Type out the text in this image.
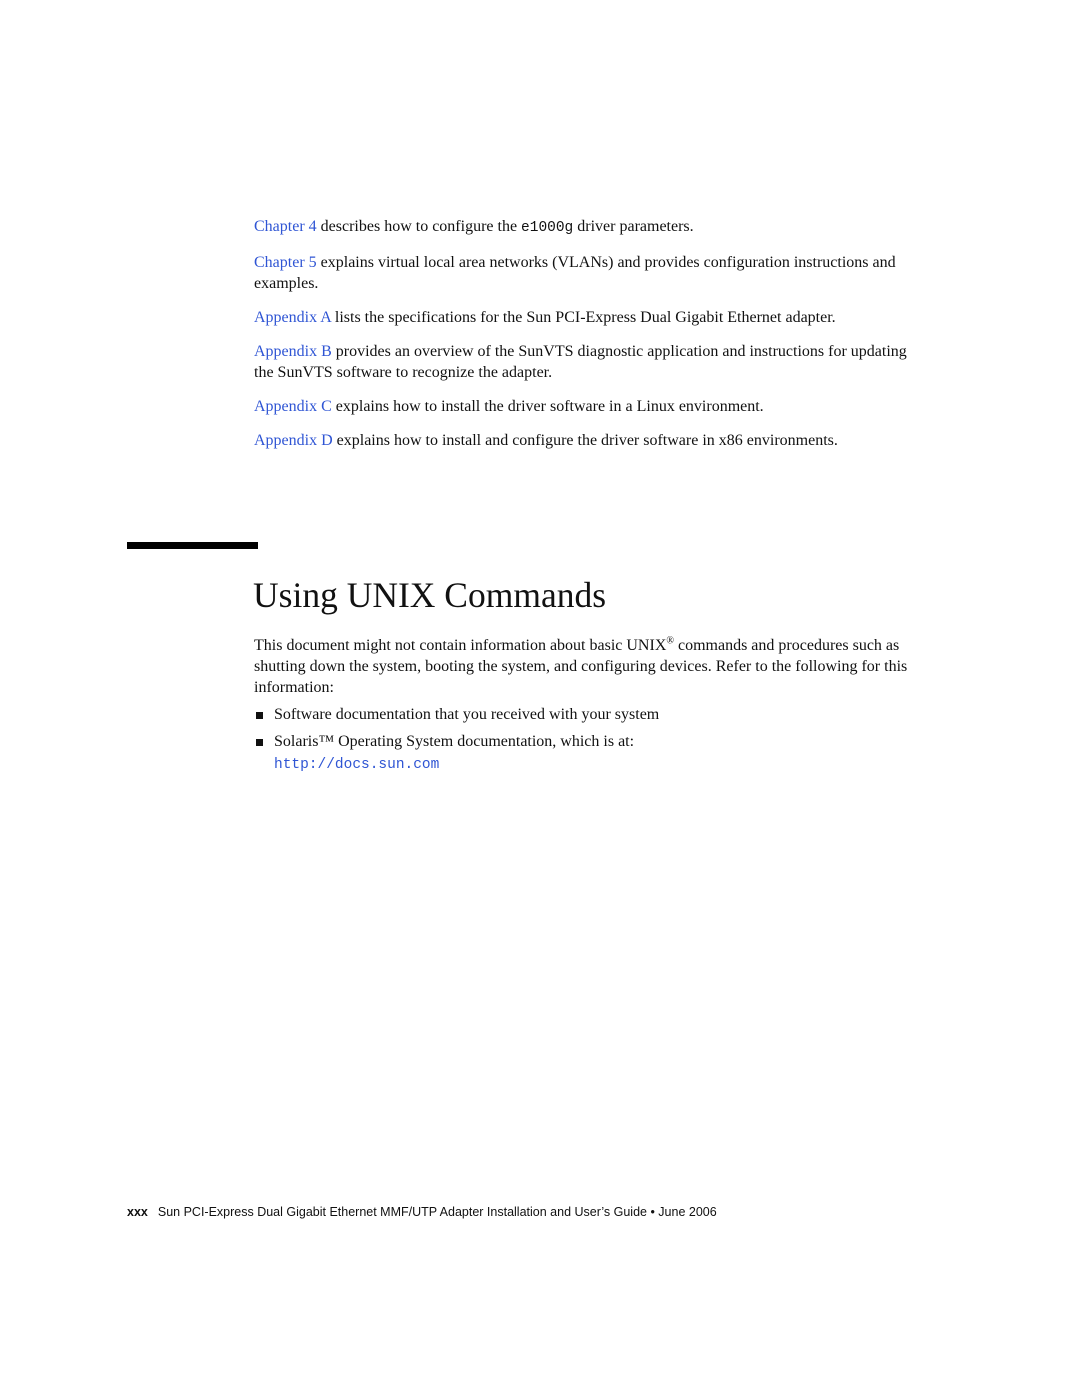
Chapter 4 describes how to configure the e1000g driver parameters.

Chapter 5 explains virtual local area networks (VLANs) and provides configuration instructions and examples.

Appendix A lists the specifications for the Sun PCI-Express Dual Gigabit Ethernet adapter.

Appendix B provides an overview of the SunVTS diagnostic application and instructions for updating the SunVTS software to recognize the adapter.

Appendix C explains how to install the driver software in a Linux environment.

Appendix D explains how to install and configure the driver software in x86 environments.

Using UNIX Commands

This document might not contain information about basic UNIX® commands and procedures such as shutting down the system, booting the system, and configuring devices. Refer to the following for this information:

Software documentation that you received with your system
Solaris™ Operating System documentation, which is at:
http://docs.sun.com
xxx Sun PCI-Express Dual Gigabit Ethernet MMF/UTP Adapter Installation and User’s Guide • June 2006
